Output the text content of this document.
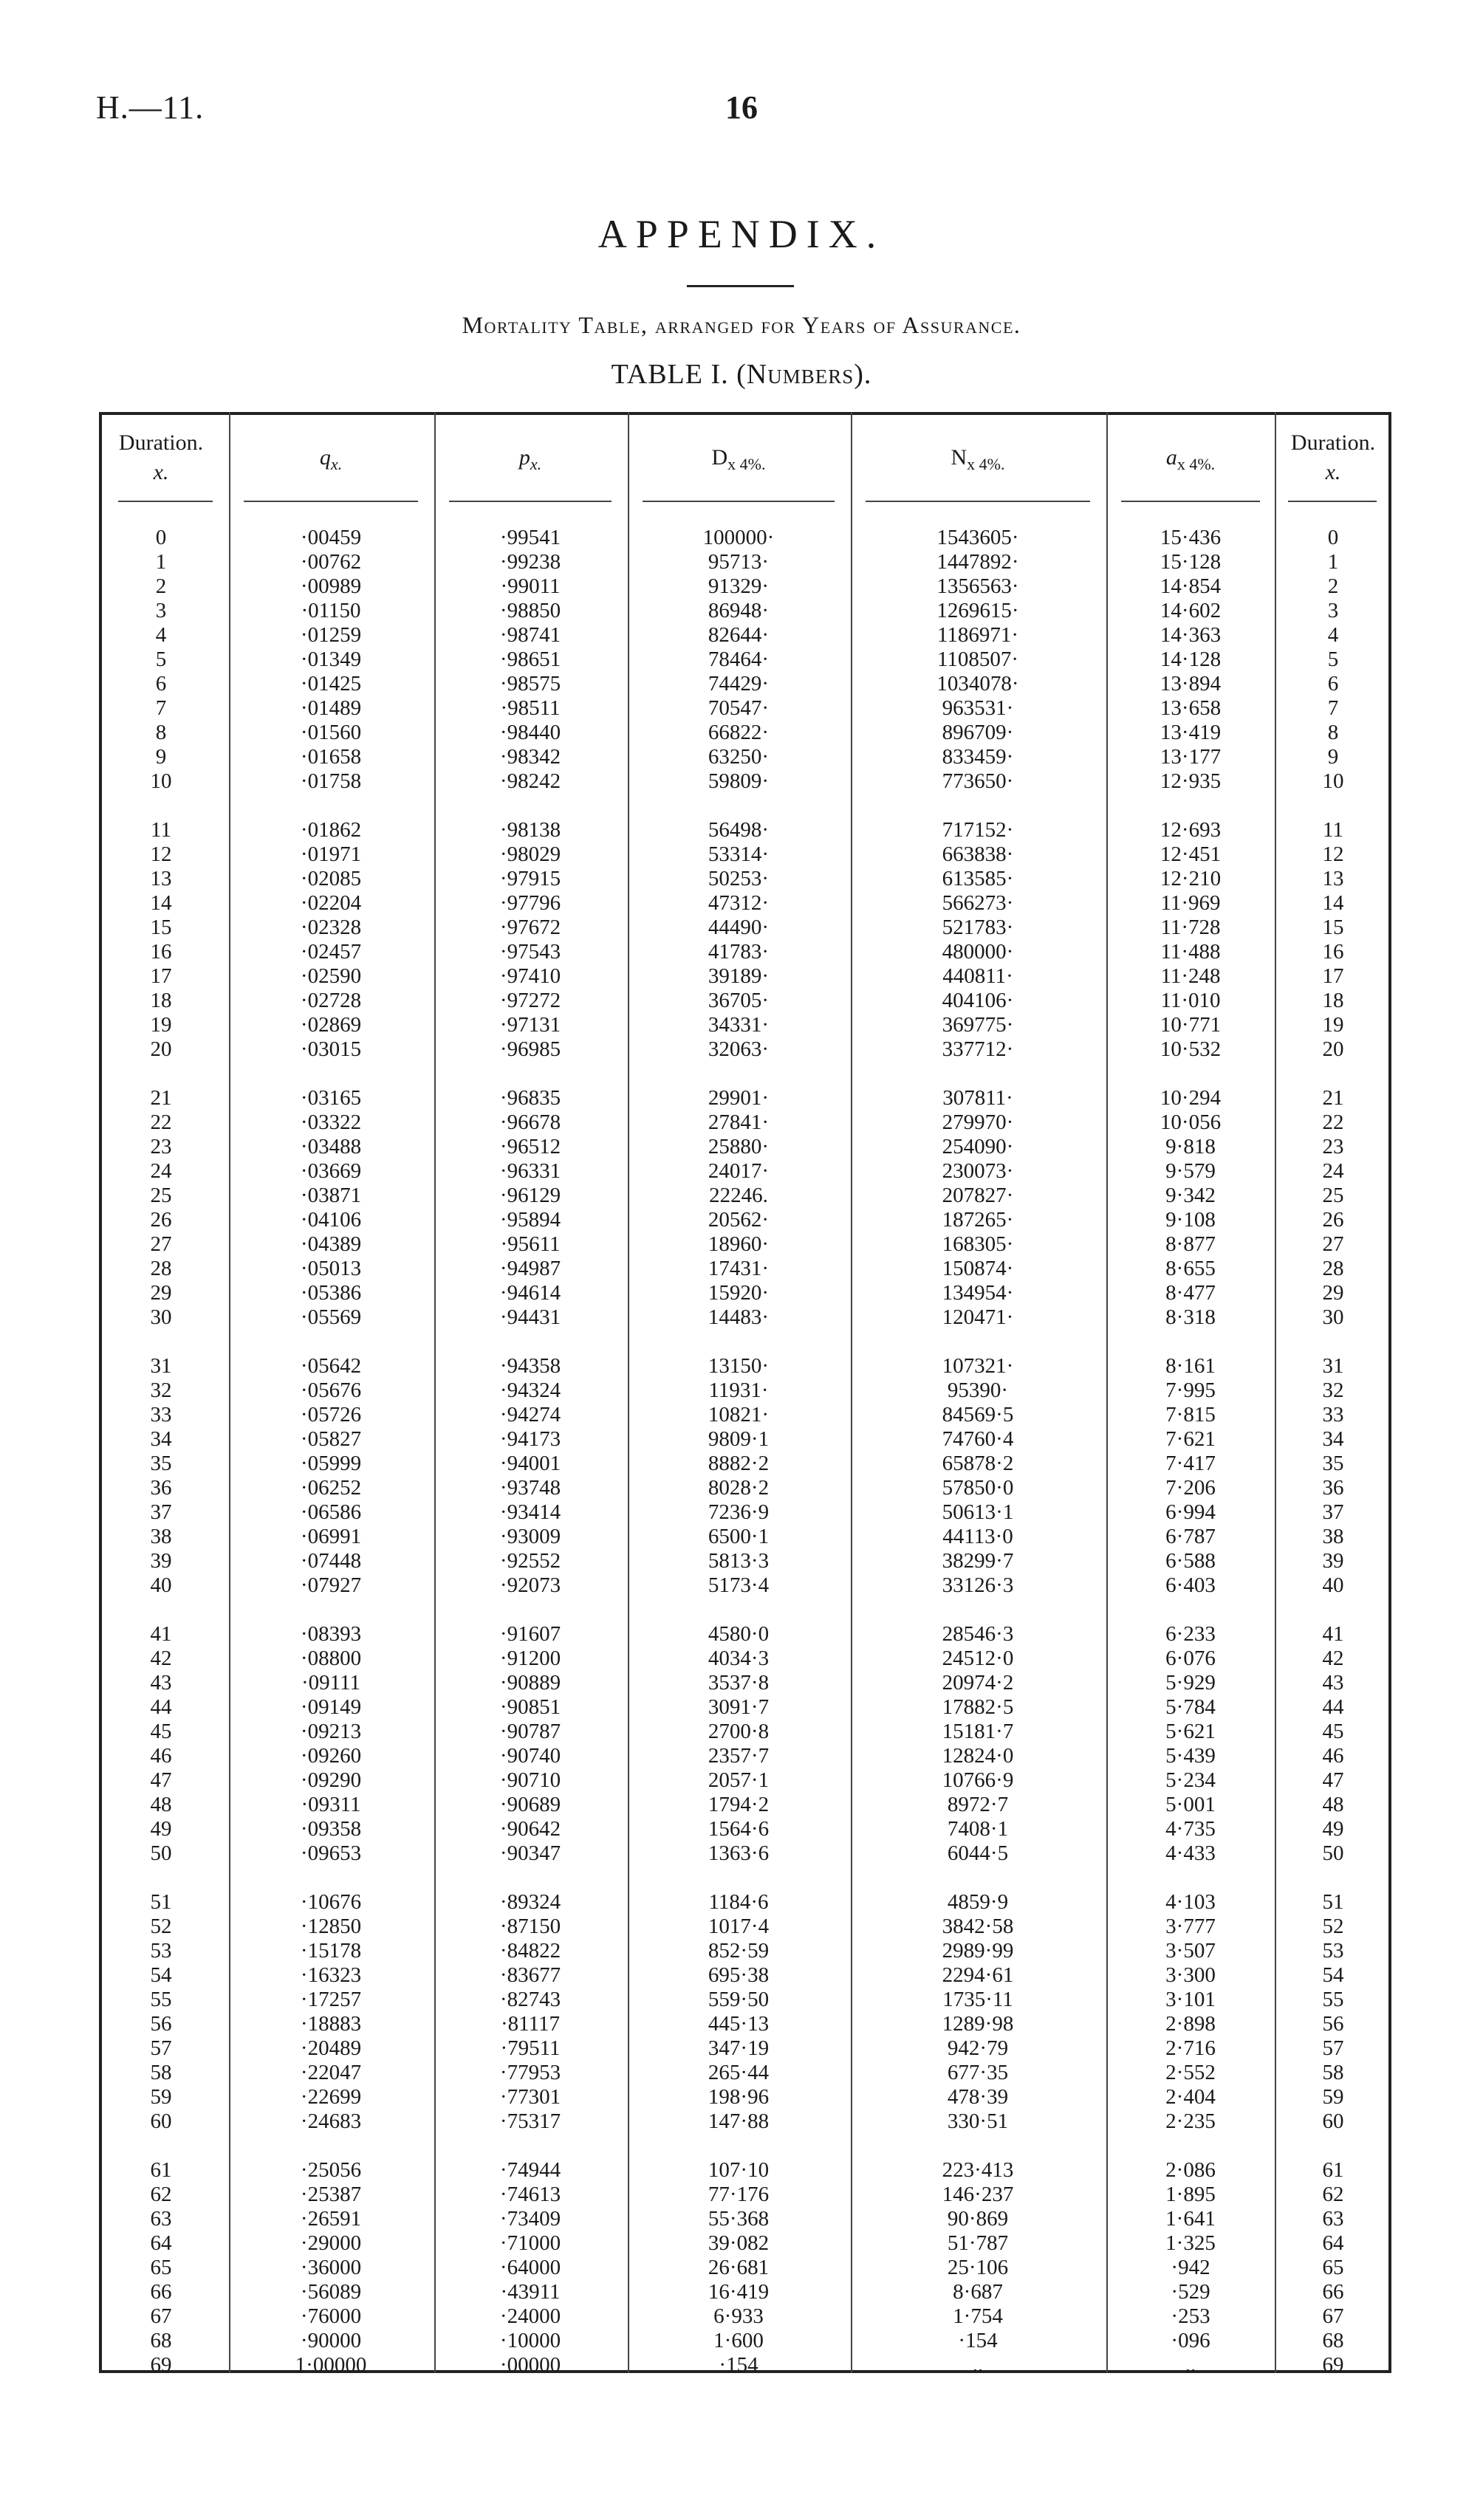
H.—11.	16
APPENDIX.
Mortality Table, arranged for Years of Assurance.
TABLE I. (Numbers).
Duration.
x.
$q_{x.}$	$p_{x.}$	$D_{x 4\%.}$	$N_{x 4\%.}$	$a_{x 4\%.}$
Duration.
x.
0	·00459	·99541	100000·	1543605·	15·436	0
1	·00762	·99238	95713·	1447892·	15·128	1
2	·00989	·99011	91329·	1356563·	14·854	2
3	·01150	·98850	86948·	1269615·	14·602	3
4	·01259	·98741	82644·	1186971·	14·363	4
5	·01349	·98651	78464·	1108507·	14·128	5
6	·01425	·98575	74429·	1034078·	13·894	6
7	·01489	·98511	70547·	963531·	13·658	7
8	·01560	·98440	66822·	896709·	13·419	8
9	·01658	·98342	63250·	833459·	13·177	9
10	·01758	·98242	59809·	773650·	12·935	10
11	·01862	·98138	56498·	717152·	12·693	11
12	·01971	·98029	53314·	663838·	12·451	12
13	·02085	·97915	50253·	613585·	12·210	13
14	·02204	·97796	47312·	566273·	11·969	14
15	·02328	·97672	44490·	521783·	11·728	15
16	·02457	·97543	41783·	480000·	11·488	16
17	·02590	·97410	39189·	440811·	11·248	17
18	·02728	·97272	36705·	404106·	11·010	18
19	·02869	·97131	34331·	369775·	10·771	19
20	·03015	·96985	32063·	337712·	10·532	20
21	·03165	·96835	29901·	307811·	10·294	21
22	·03322	·96678	27841·	279970·	10·056	22
23	·03488	·96512	25880·	254090·	9·818	23
24	·03669	·96331	24017·	230073·	9·579	24
25	·03871	·96129	22246.	207827·	9·342	25
26	·04106	·95894	20562·	187265·	9·108	26
27	·04389	·95611	18960·	168305·	8·877	27
28	·05013	·94987	17431·	150874·	8·655	28
29	·05386	·94614	15920·	134954·	8·477	29
30	·05569	·94431	14483·	120471·	8·318	30
31	·05642	·94358	13150·	107321·	8·161	31
32	·05676	·94324	11931·	95390·	7·995	32
33	·05726	·94274	10821·	84569·5	7·815	33
34	·05827	·94173	9809·1	74760·4	7·621	34
35	·05999	·94001	8882·2	65878·2	7·417	35
36	·06252	·93748	8028·2	57850·0	7·206	36
37	·06586	·93414	7236·9	50613·1	6·994	37
38	·06991	·93009	6500·1	44113·0	6·787	38
39	·07448	·92552	5813·3	38299·7	6·588	39
40	·07927	·92073	5173·4	33126·3	6·403	40
41	·08393	·91607	4580·0	28546·3	6·233	41
42	·08800	·91200	4034·3	24512·0	6·076	42
43	·09111	·90889	3537·8	20974·2	5·929	43
44	·09149	·90851	3091·7	17882·5	5·784	44
45	·09213	·90787	2700·8	15181·7	5·621	45
46	·09260	·90740	2357·7	12824·0	5·439	46
47	·09290	·90710	2057·1	10766·9	5·234	47
48	·09311	·90689	1794·2	8972·7	5·001	48
49	·09358	·90642	1564·6	7408·1	4·735	49
50	·09653	·90347	1363·6	6044·5	4·433	50
51	·10676	·89324	1184·6	4859·9	4·103	51
52	·12850	·87150	1017·4	3842·58	3·777	52
53	·15178	·84822	852·59	2989·99	3·507	53
54	·16323	·83677	695·38	2294·61	3·300	54
55	·17257	·82743	559·50	1735·11	3·101	55
56	·18883	·81117	445·13	1289·98	2·898	56
57	·20489	·79511	347·19	942·79	2·716	57
58	·22047	·77953	265·44	677·35	2·552	58
59	·22699	·77301	198·96	478·39	2·404	59
60	·24683	·75317	147·88	330·51	2·235	60
61	·25056	·74944	107·10	223·413	2·086	61
62	·25387	·74613	77·176	146·237	1·895	62
63	·26591	·73409	55·368	90·869	1·641	63
64	·29000	·71000	39·082	51·787	1·325	64
65	·36000	·64000	26·681	25·106	·942	65
66	·56089	·43911	16·419	8·687	·529	66
67	·76000	·24000	6·933	1·754	·253	67
68	·90000	·10000	1·600	·154	·096	68
69	1·00000	·00000	·154	..	..	69
